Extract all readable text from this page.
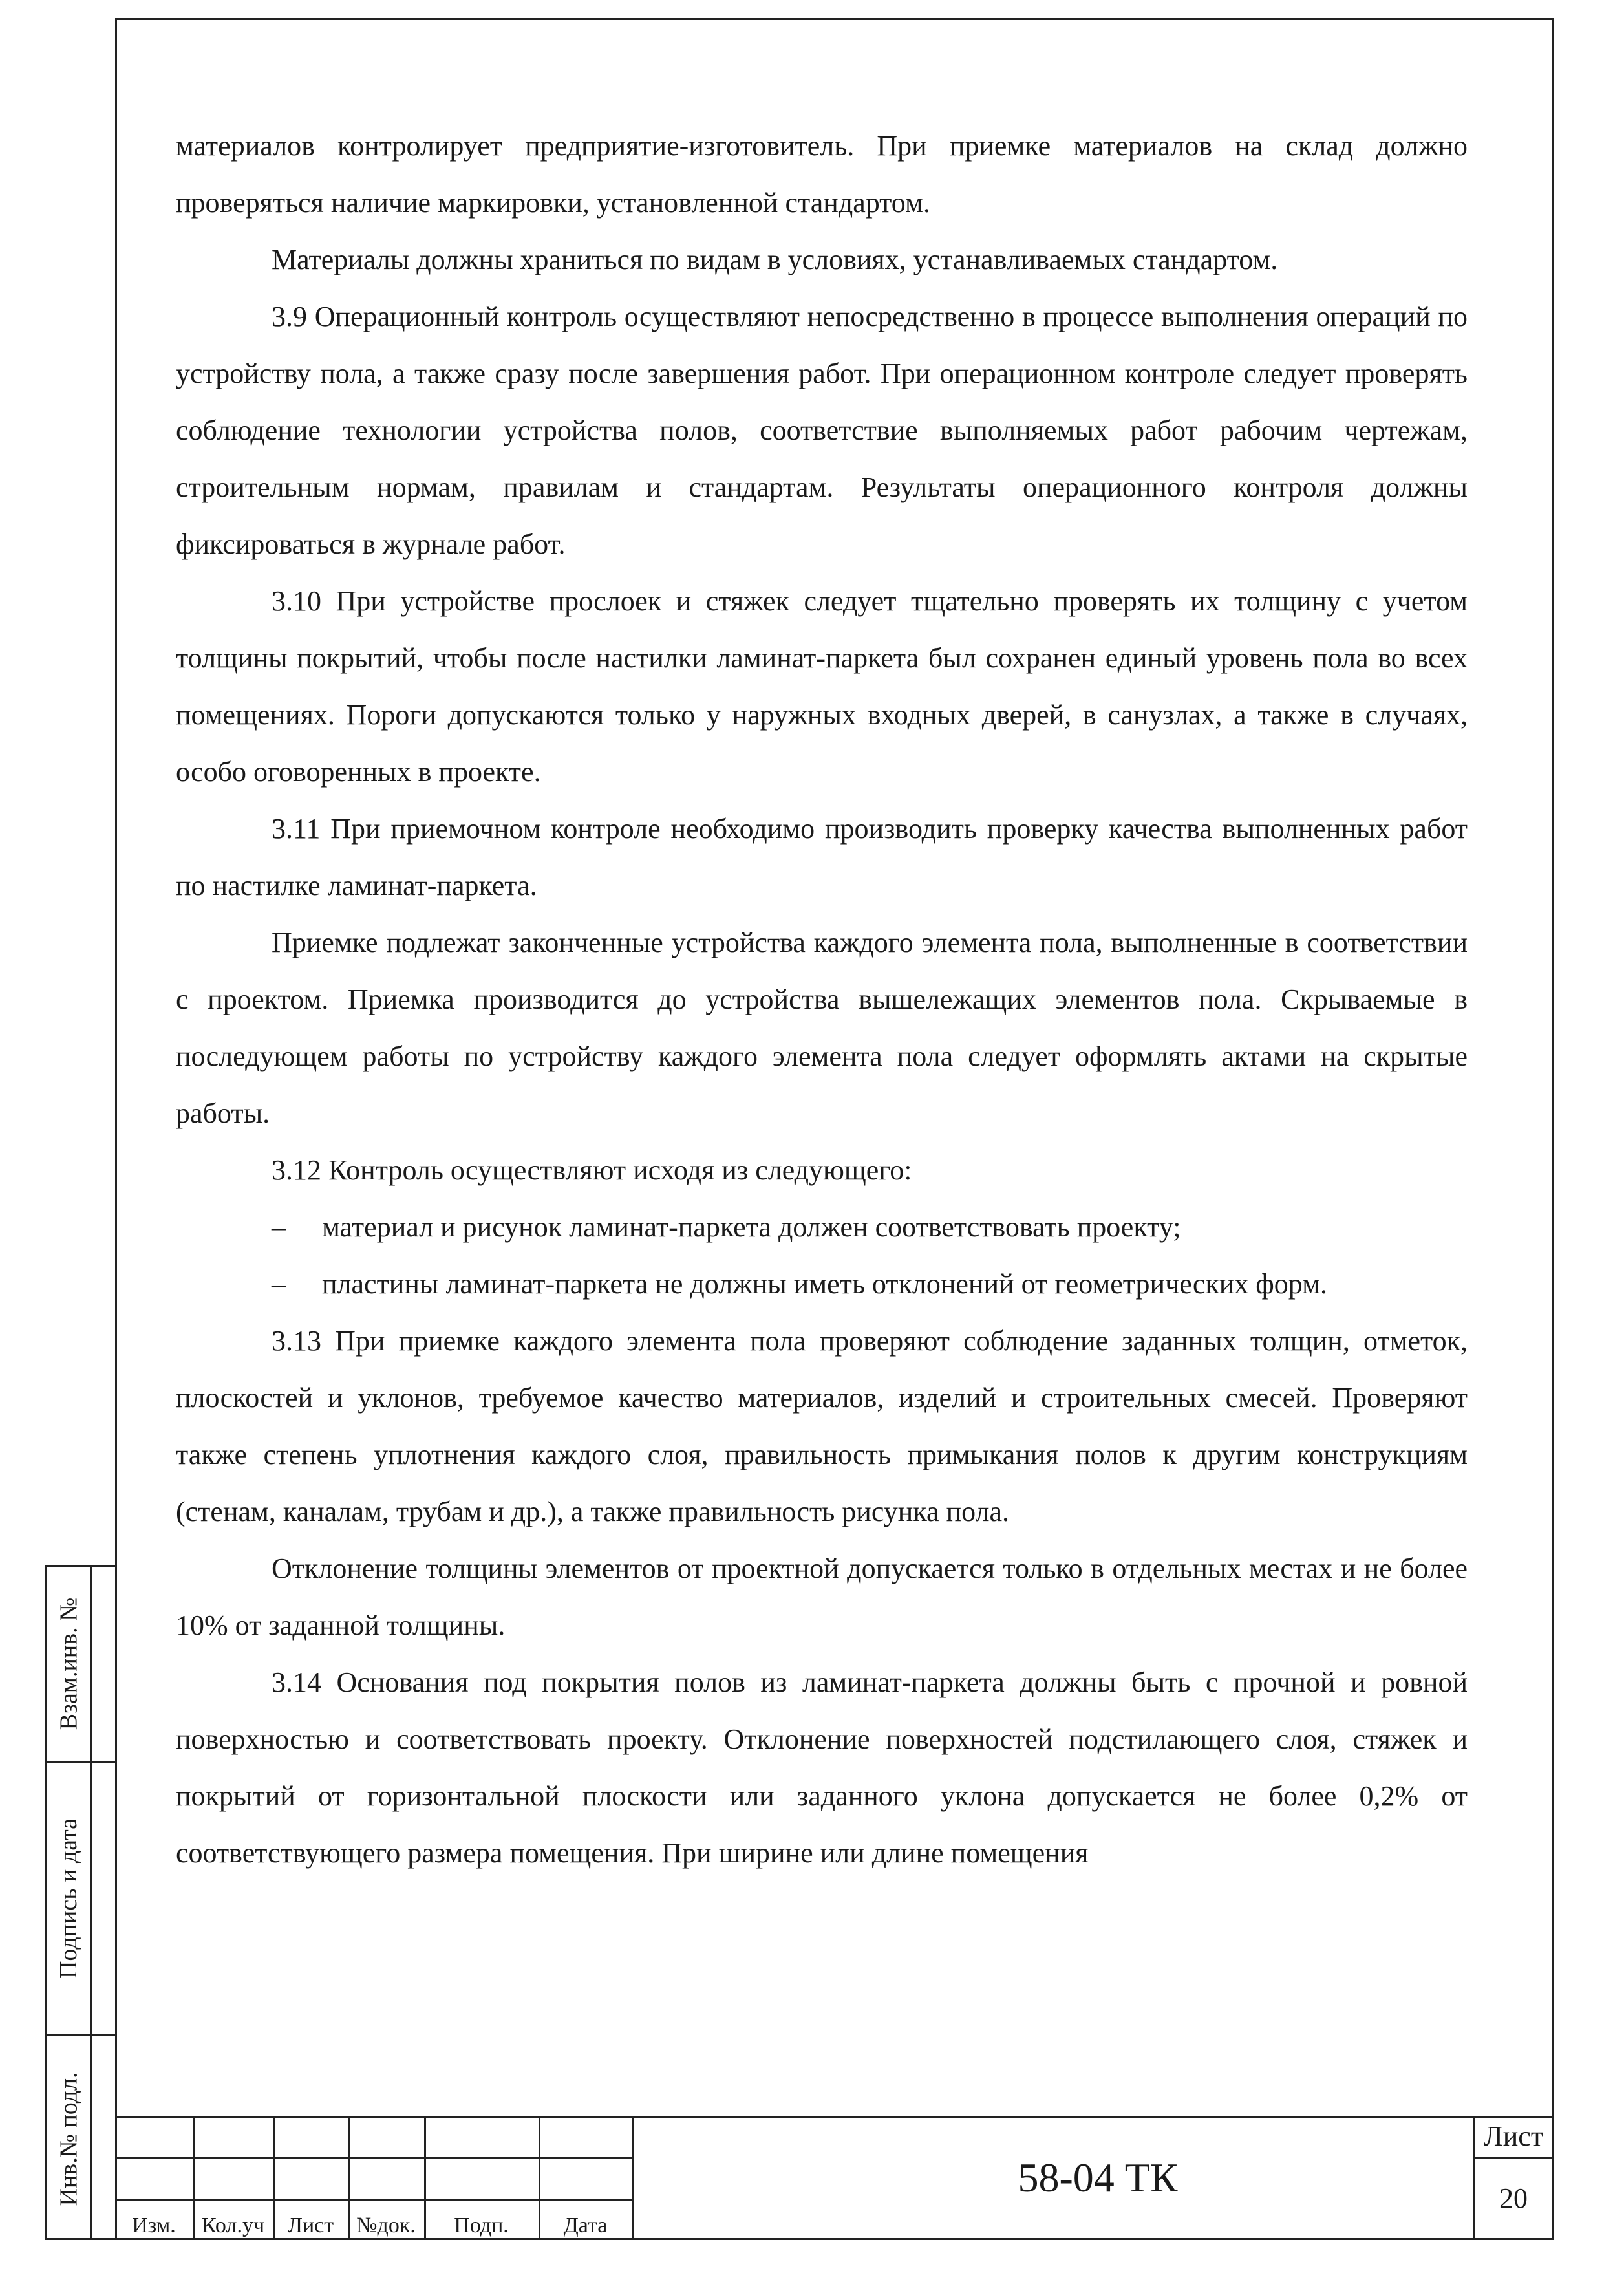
материалов контролирует предприятие-изготовитель. При приемке материалов на склад должно проверяться наличие маркировки, установленной стандартом.

Материалы должны храниться по видам в условиях, устанавливаемых стандартом.

3.9 Операционный контроль осуществляют непосредственно в процессе выполнения операций по устройству пола, а также сразу после завершения работ. При операционном контроле следует проверять соблюдение технологии устройства полов, соответствие выполняемых работ рабочим чертежам, строительным нормам, правилам и стандартам. Результаты операционного контроля должны фиксироваться в журнале работ.

3.10 При устройстве прослоек и стяжек следует тщательно проверять их толщину с учетом толщины покрытий, чтобы после настилки ламинат-паркета был сохранен единый уровень пола во всех помещениях. Пороги допускаются только у наружных входных дверей, в санузлах, а также в случаях, особо оговоренных в проекте.

3.11 При приемочном контроле необходимо производить проверку качества выполненных работ по настилке ламинат-паркета.

Приемке подлежат законченные устройства каждого элемента пола, выполненные в соответствии с проектом. Приемка производится до устройства вышележащих элементов пола. Скрываемые в последующем работы по устройству каждого элемента пола следует оформлять актами на скрытые работы.

3.12 Контроль осуществляют исходя из следующего:

– материал и рисунок ламинат-паркета должен соответствовать проекту;

– пластины ламинат-паркета не должны иметь отклонений от геометрических форм.

3.13 При приемке каждого элемента пола проверяют соблюдение заданных толщин, отметок, плоскостей и уклонов, требуемое качество материалов, изделий и строительных смесей. Проверяют также степень уплотнения каждого слоя, правильность примыкания полов к другим конструкциям (стенам, каналам, трубам и др.), а также правильность рисунка пола.

Отклонение толщины элементов от проектной допускается только в отдельных местах и не более 10% от заданной толщины.

3.14 Основания под покрытия полов из ламинат-паркета должны быть с прочной и ровной поверхностью и соответствовать проекту. Отклонение поверхностей подстилающего слоя, стяжек и покрытий от горизонтальной плоскости или заданного уклона допускается не более 0,2% от соответствующего размера помещения. При ширине или длине помещения

Взам.инв. №
Подпись и дата
Инв.№ подл.
Изм.	Кол.уч	Лист	№док.	Подп.	Дата
58-04 ТК
Лист
20
